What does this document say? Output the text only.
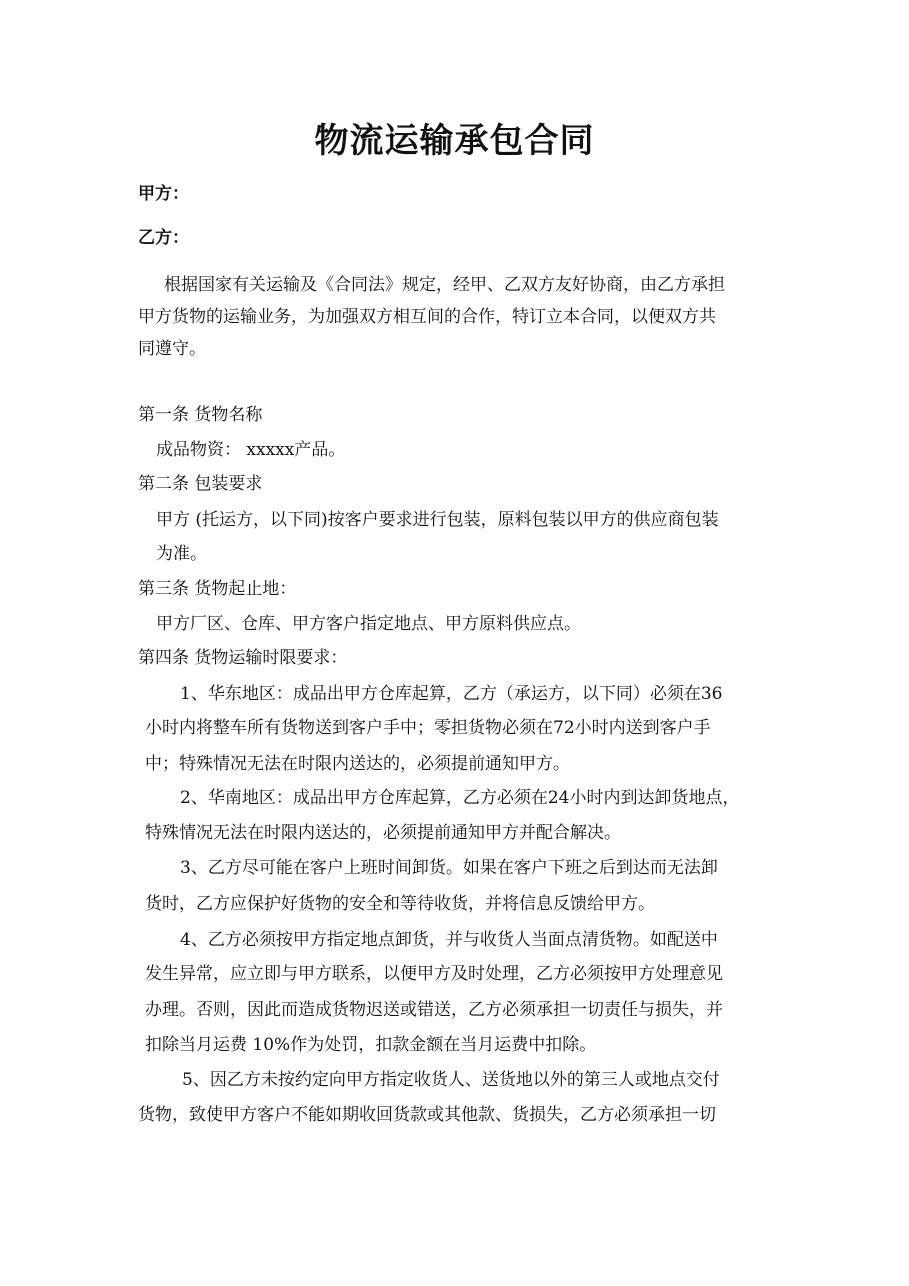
物流运输承包合同
甲方：
乙方：
根据国家有关运输及《合同法》规定，经甲、乙双方友好协商，由乙方承担
甲方货物的运输业务，为加强双方相互间的合作，特订立本合同，以便双方共
同遵守。
第一条 货物名称
成品物资： xxxxx产品。
第二条 包装要求
甲方 (托运方，以下同)按客户要求进行包装，原料包装以甲方的供应商包装
为准。
第三条 货物起止地：
甲方厂区、仓库、甲方客户指定地点、甲方原料供应点。
第四条 货物运输时限要求：
1、华东地区：成品出甲方仓库起算，乙方（承运方，以下同）必须在36
小时内将整车所有货物送到客户手中；零担货物必须在72小时内送到客户手
中；特殊情况无法在时限内送达的，必须提前通知甲方。
2、华南地区：成品出甲方仓库起算，乙方必须在24小时内到达卸货地点，
特殊情况无法在时限内送达的，必须提前通知甲方并配合解决。
3、乙方尽可能在客户上班时间卸货。如果在客户下班之后到达而无法卸
货时，乙方应保护好货物的安全和等待收货，并将信息反馈给甲方。
4、乙方必须按甲方指定地点卸货，并与收货人当面点清货物。如配送中
发生异常，应立即与甲方联系，以便甲方及时处理，乙方必须按甲方处理意见
办理。否则，因此而造成货物迟送或错送，乙方必须承担一切责任与损失，并
扣除当月运费 10%作为处罚，扣款金额在当月运费中扣除。
5、因乙方未按约定向甲方指定收货人、送货地以外的第三人或地点交付
货物，致使甲方客户不能如期收回货款或其他款、货损失，乙方必须承担一切
